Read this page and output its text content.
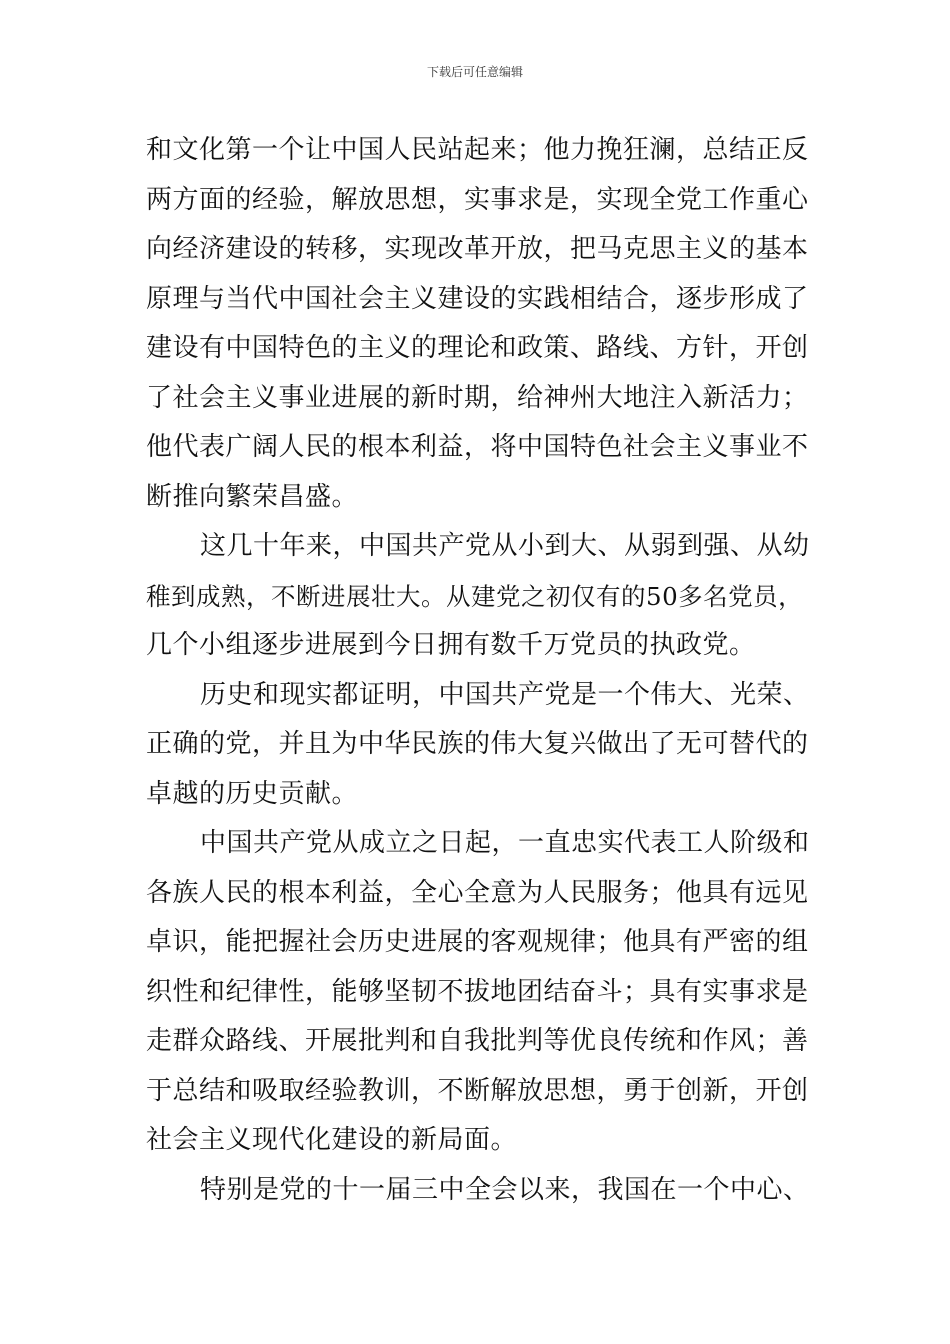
下载后可任意编辑
和文化第一个让中国人民站起来；他力挽狂澜，总结正反
两方面的经验，解放思想，实事求是，实现全党工作重心
向经济建设的转移，实现改革开放，把马克思主义的基本
原理与当代中国社会主义建设的实践相结合，逐步形成了
建设有中国特色的主义的理论和政策、路线、方针，开创
了社会主义事业进展的新时期，给神州大地注入新活力；
他代表广阔人民的根本利益，将中国特色社会主义事业不
断推向繁荣昌盛。
这几十年来，中国共产党从小到大、从弱到强、从幼
稚到成熟，不断进展壮大。从建党之初仅有的50多名党员，
几个小组逐步进展到今日拥有数千万党员的执政党。
历史和现实都证明，中国共产党是一个伟大、光荣、
正确的党，并且为中华民族的伟大复兴做出了无可替代的
卓越的历史贡献。
中国共产党从成立之日起，一直忠实代表工人阶级和
各族人民的根本利益，全心全意为人民服务；他具有远见
卓识，能把握社会历史进展的客观规律；他具有严密的组
织性和纪律性，能够坚韧不拔地团结奋斗；具有实事求是
走群众路线、开展批判和自我批判等优良传统和作风；善
于总结和吸取经验教训，不断解放思想，勇于创新，开创
社会主义现代化建设的新局面。
特别是党的十一届三中全会以来，我国在一个中心、
